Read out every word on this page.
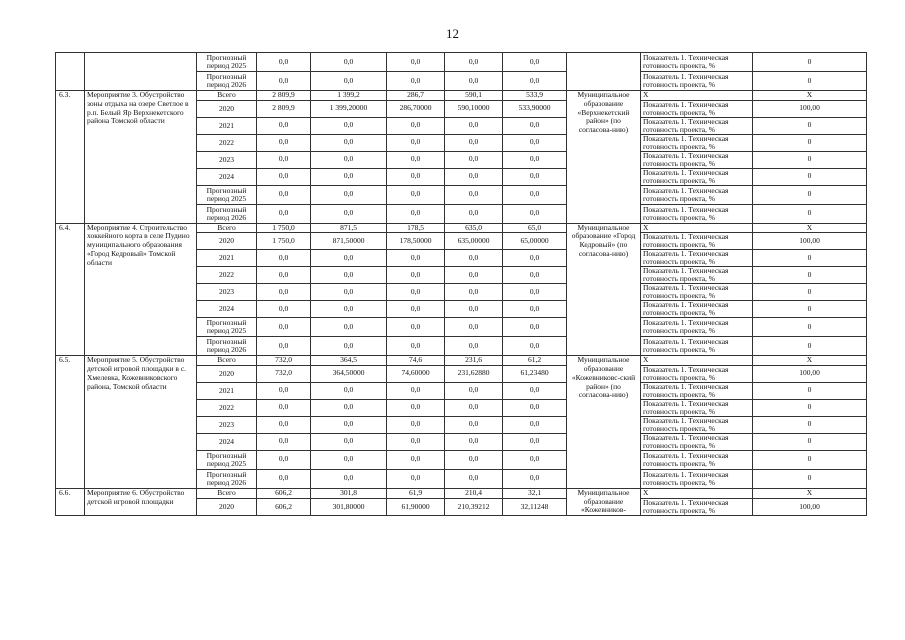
12
		Прогнозный период 2025	0,0	0,0	0,0	0,0	0,0		Показатель 1. Техническая готовность проекта, %	0
		Прогнозный период 2026	0,0	0,0	0,0	0,0	0,0		Показатель 1. Техническая готовность проекта, %	0
6.3.	Мероприятие 3. Обустройство зоны отдыха на озере Светлое в р.п. Белый Яр Верхнекетского района Томской области	Всего	2 809,9	1 399,2	286,7	590,1	533,9	Муниципальное образование «Верхнекетский район» (по согласова-нию)	X	X
		2020	2 809,9	1 399,20000	286,70000	590,10000	533,90000		Показатель 1. Техническая готовность проекта, %	100,00
		2021	0,0	0,0	0,0	0,0	0,0		Показатель 1. Техническая готовность проекта, %	0
		2022	0,0	0,0	0,0	0,0	0,0		Показатель 1. Техническая готовность проекта, %	0
		2023	0,0	0,0	0,0	0,0	0,0		Показатель 1. Техническая готовность проекта, %	0
		2024	0,0	0,0	0,0	0,0	0,0		Показатель 1. Техническая готовность проекта, %	0
		Прогнозный период 2025	0,0	0,0	0,0	0,0	0,0		Показатель 1. Техническая готовность проекта, %	0
		Прогнозный период 2026	0,0	0,0	0,0	0,0	0,0		Показатель 1. Техническая готовность проекта, %	0
6.4.	Мероприятие 4. Строительство хоккейного корта в селе Пудино муниципального образования «Город Кедровый» Томской области	Всего	1 750,0	871,5	178,5	635,0	65,0	Муниципальное образование «Город Кедровый» (по согласова-нию)	X	X
		2020	1 750,0	871,50000	178,50000	635,00000	65,00000		Показатель 1. Техническая готовность проекта, %	100,00
		2021	0,0	0,0	0,0	0,0	0,0		Показатель 1. Техническая готовность проекта, %	0
		2022	0,0	0,0	0,0	0,0	0,0		Показатель 1. Техническая готовность проекта, %	0
		2023	0,0	0,0	0,0	0,0	0,0		Показатель 1. Техническая готовность проекта, %	0
		2024	0,0	0,0	0,0	0,0	0,0		Показатель 1. Техническая готовность проекта, %	0
		Прогнозный период 2025	0,0	0,0	0,0	0,0	0,0		Показатель 1. Техническая готовность проекта, %	0
		Прогнозный период 2026	0,0	0,0	0,0	0,0	0,0		Показатель 1. Техническая готовность проекта, %	0
6.5.	Мероприятие 5. Обустройство детской игровой площадки в с. Хмелевка, Кожевниковского района, Томской области	Всего	732,0	364,5	74,6	231,6	61,2	Муниципальное образование «Кожевниковс-ский район» (по согласова-нию)	X	X
		2020	732,0	364,50000	74,60000	231,62880	61,23480		Показатель 1. Техническая готовность проекта, %	100,00
		2021	0,0	0,0	0,0	0,0	0,0		Показатель 1. Техническая готовность проекта, %	0
		2022	0,0	0,0	0,0	0,0	0,0		Показатель 1. Техническая готовность проекта, %	0
		2023	0,0	0,0	0,0	0,0	0,0		Показатель 1. Техническая готовность проекта, %	0
		2024	0,0	0,0	0,0	0,0	0,0		Показатель 1. Техническая готовность проекта, %	0
		Прогнозный период 2025	0,0	0,0	0,0	0,0	0,0		Показатель 1. Техническая готовность проекта, %	0
		Прогнозный период 2026	0,0	0,0	0,0	0,0	0,0		Показатель 1. Техническая готовность проекта, %	0
6.6.	Мероприятие 6. Обустройство детской игровой площадки	Всего	606,2	301,8	61,9	210,4	32,1	Муниципальное образование «Кожевников-	X	X
		2020	606,2	301,80000	61,90000	210,39212	32,11248		Показатель 1. Техническая готовность проекта, %	100,00
